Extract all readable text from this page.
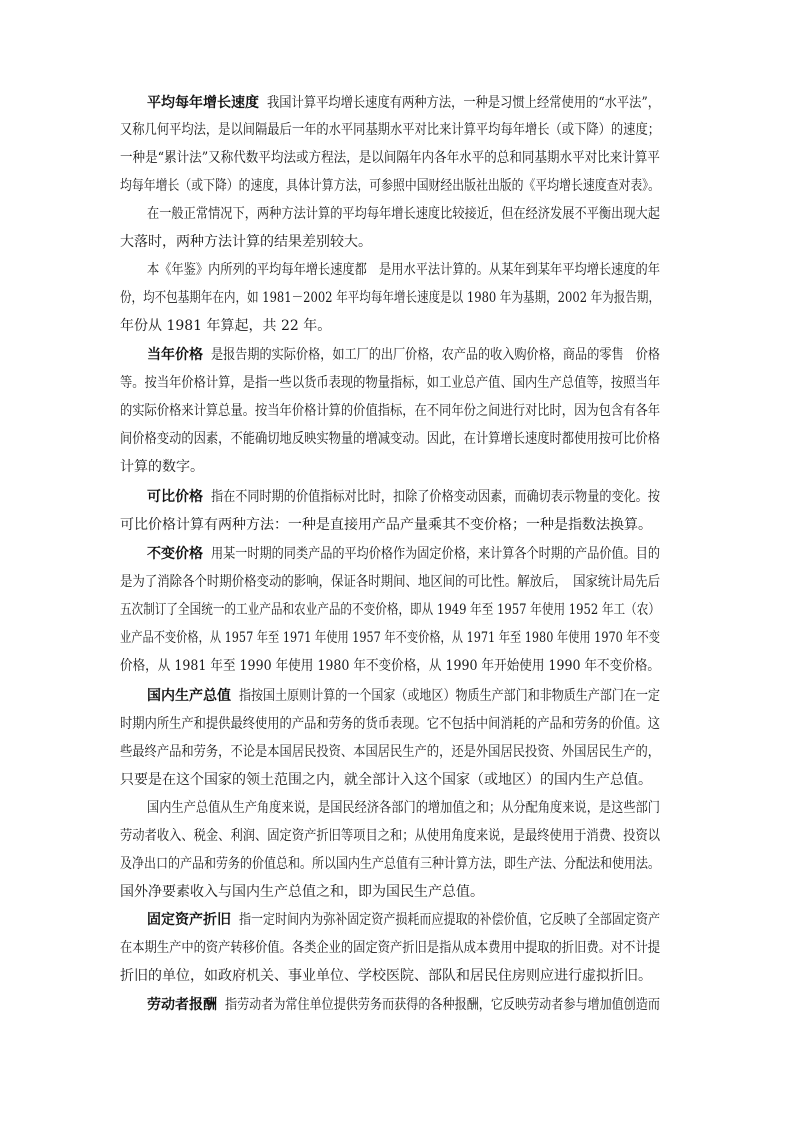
平均每年增长速度 我国计算平均增长速度有两种方法，一种是习惯上经常使用的“水平法”，
又称几何平均法，是以间隔最后一年的水平同基期水平对比来计算平均每年增长（或下降）的速度；
一种是“累计法”又称代数平均法或方程法，是以间隔年内各年水平的总和同基期水平对比来计算平
均每年增长（或下降）的速度，具体计算方法，可参照中国财经出版社出版的《平均增长速度查对表》。
在一般正常情况下，两种方法计算的平均每年增长速度比较接近，但在经济发展不平衡出现大起
大落时，两种方法计算的结果差别较大。
本《年鉴》内所列的平均每年增长速度都　是用水平法计算的。从某年到某年平均增长速度的年
份，均不包基期年在内，如 1981－2002 年平均每年增长速度是以 1980 年为基期，2002 年为报告期，
年份从 1981 年算起，共 22 年。
当年价格 是报告期的实际价格，如工厂的出厂价格，农产品的收入购价格，商品的零售　价格
等。按当年价格计算，是指一些以货币表现的物量指标，如工业总产值、国内生产总值等，按照当年
的实际价格来计算总量。按当年价格计算的价值指标，在不同年份之间进行对比时，因为包含有各年
间价格变动的因素，不能确切地反映实物量的增减变动。因此，在计算增长速度时都使用按可比价格
计算的数字。
可比价格 指在不同时期的价值指标对比时，扣除了价格变动因素，而确切表示物量的变化。按
可比价格计算有两种方法：一种是直接用产品产量乘其不变价格；一种是指数法换算。
不变价格 用某一时期的同类产品的平均价格作为固定价格，来计算各个时期的产品价值。目的
是为了消除各个时期价格变动的影响，保证各时期间、地区间的可比性。解放后，　国家统计局先后
五次制订了全国统一的工业产品和农业产品的不变价格，即从 1949 年至 1957 年使用 1952 年工（农）
业产品不变价格，从 1957 年至 1971 年使用 1957 年不变价格，从 1971 年至 1980 年使用 1970 年不变
价格，从 1981 年至 1990 年使用 1980 年不变价格，从 1990 年开始使用 1990 年不变价格。
国内生产总值 指按国土原则计算的一个国家（或地区）物质生产部门和非物质生产部门在一定
时期内所生产和提供最终使用的产品和劳务的货币表现。它不包括中间消耗的产品和劳务的价值。这
些最终产品和劳务，不论是本国居民投资、本国居民生产的，还是外国居民投资、外国居民生产的，
只要是在这个国家的领土范围之内，就全部计入这个国家（或地区）的国内生产总值。
国内生产总值从生产角度来说，是国民经济各部门的增加值之和；从分配角度来说，是这些部门
劳动者收入、税金、利润、固定资产折旧等项目之和；从使用角度来说，是最终使用于消费、投资以
及净出口的产品和劳务的价值总和。所以国内生产总值有三种计算方法，即生产法、分配法和使用法。
国外净要素收入与国内生产总值之和，即为国民生产总值。
固定资产折旧 指一定时间内为弥补固定资产损耗而应提取的补偿价值，它反映了全部固定资产
在本期生产中的资产转移价值。各类企业的固定资产折旧是指从成本费用中提取的折旧费。对不计提
折旧的单位，如政府机关、事业单位、学校医院、部队和居民住房则应进行虚拟折旧。
劳动者报酬 指劳动者为常住单位提供劳务而获得的各种报酬，它反映劳动者参与增加值创造而
